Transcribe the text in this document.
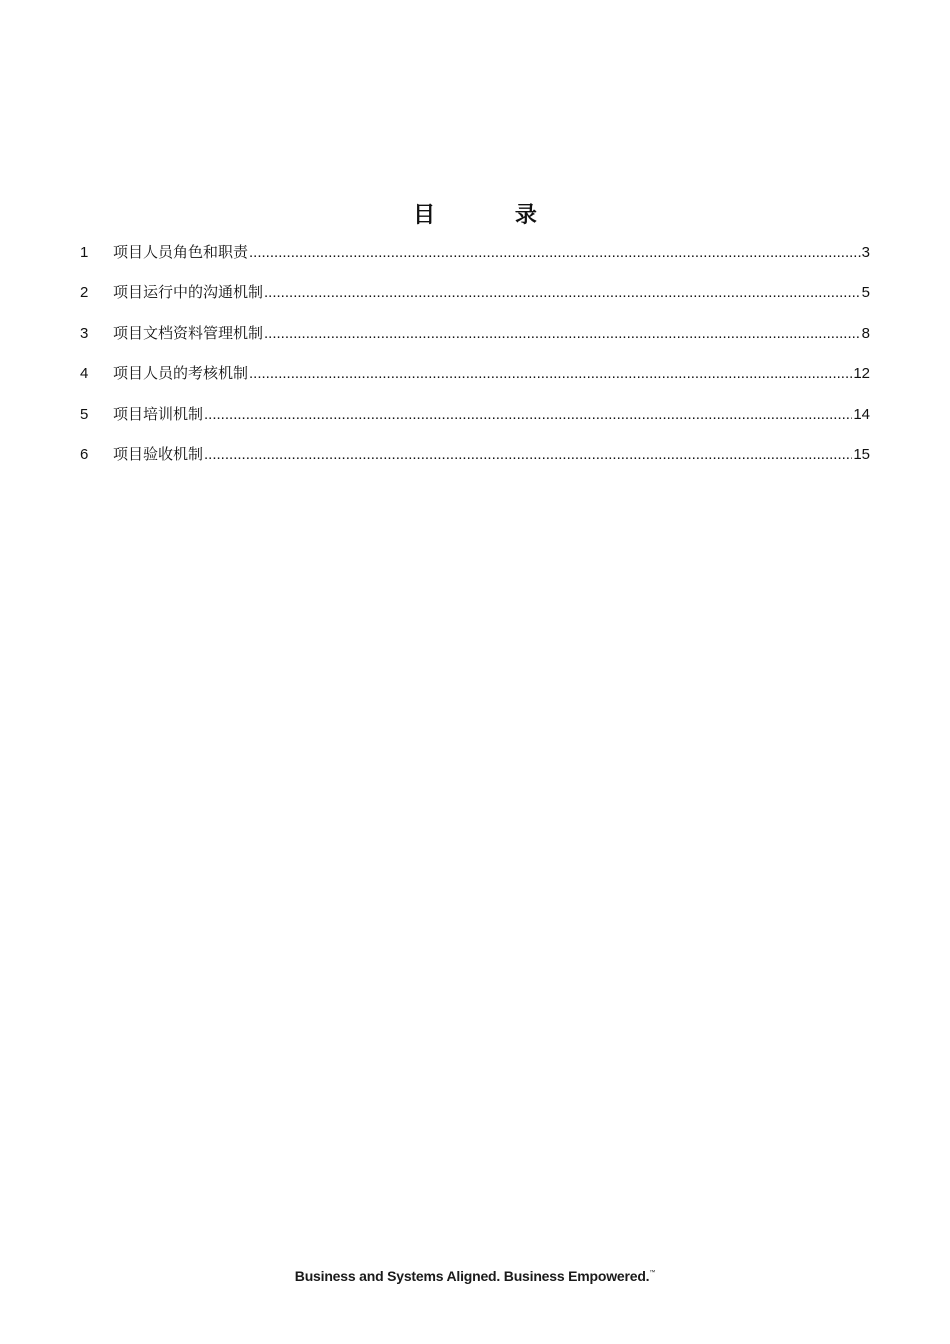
目 录
1	项目人员角色和职责 .....	3
2	项目运行中的沟通机制 .....	5
3	项目文档资料管理机制 .....	8
4	项目人员的考核机制 .....	12
5	项目培训机制 .....	14
6	项目验收机制 .....	15
Business and Systems Aligned. Business Empowered.™
